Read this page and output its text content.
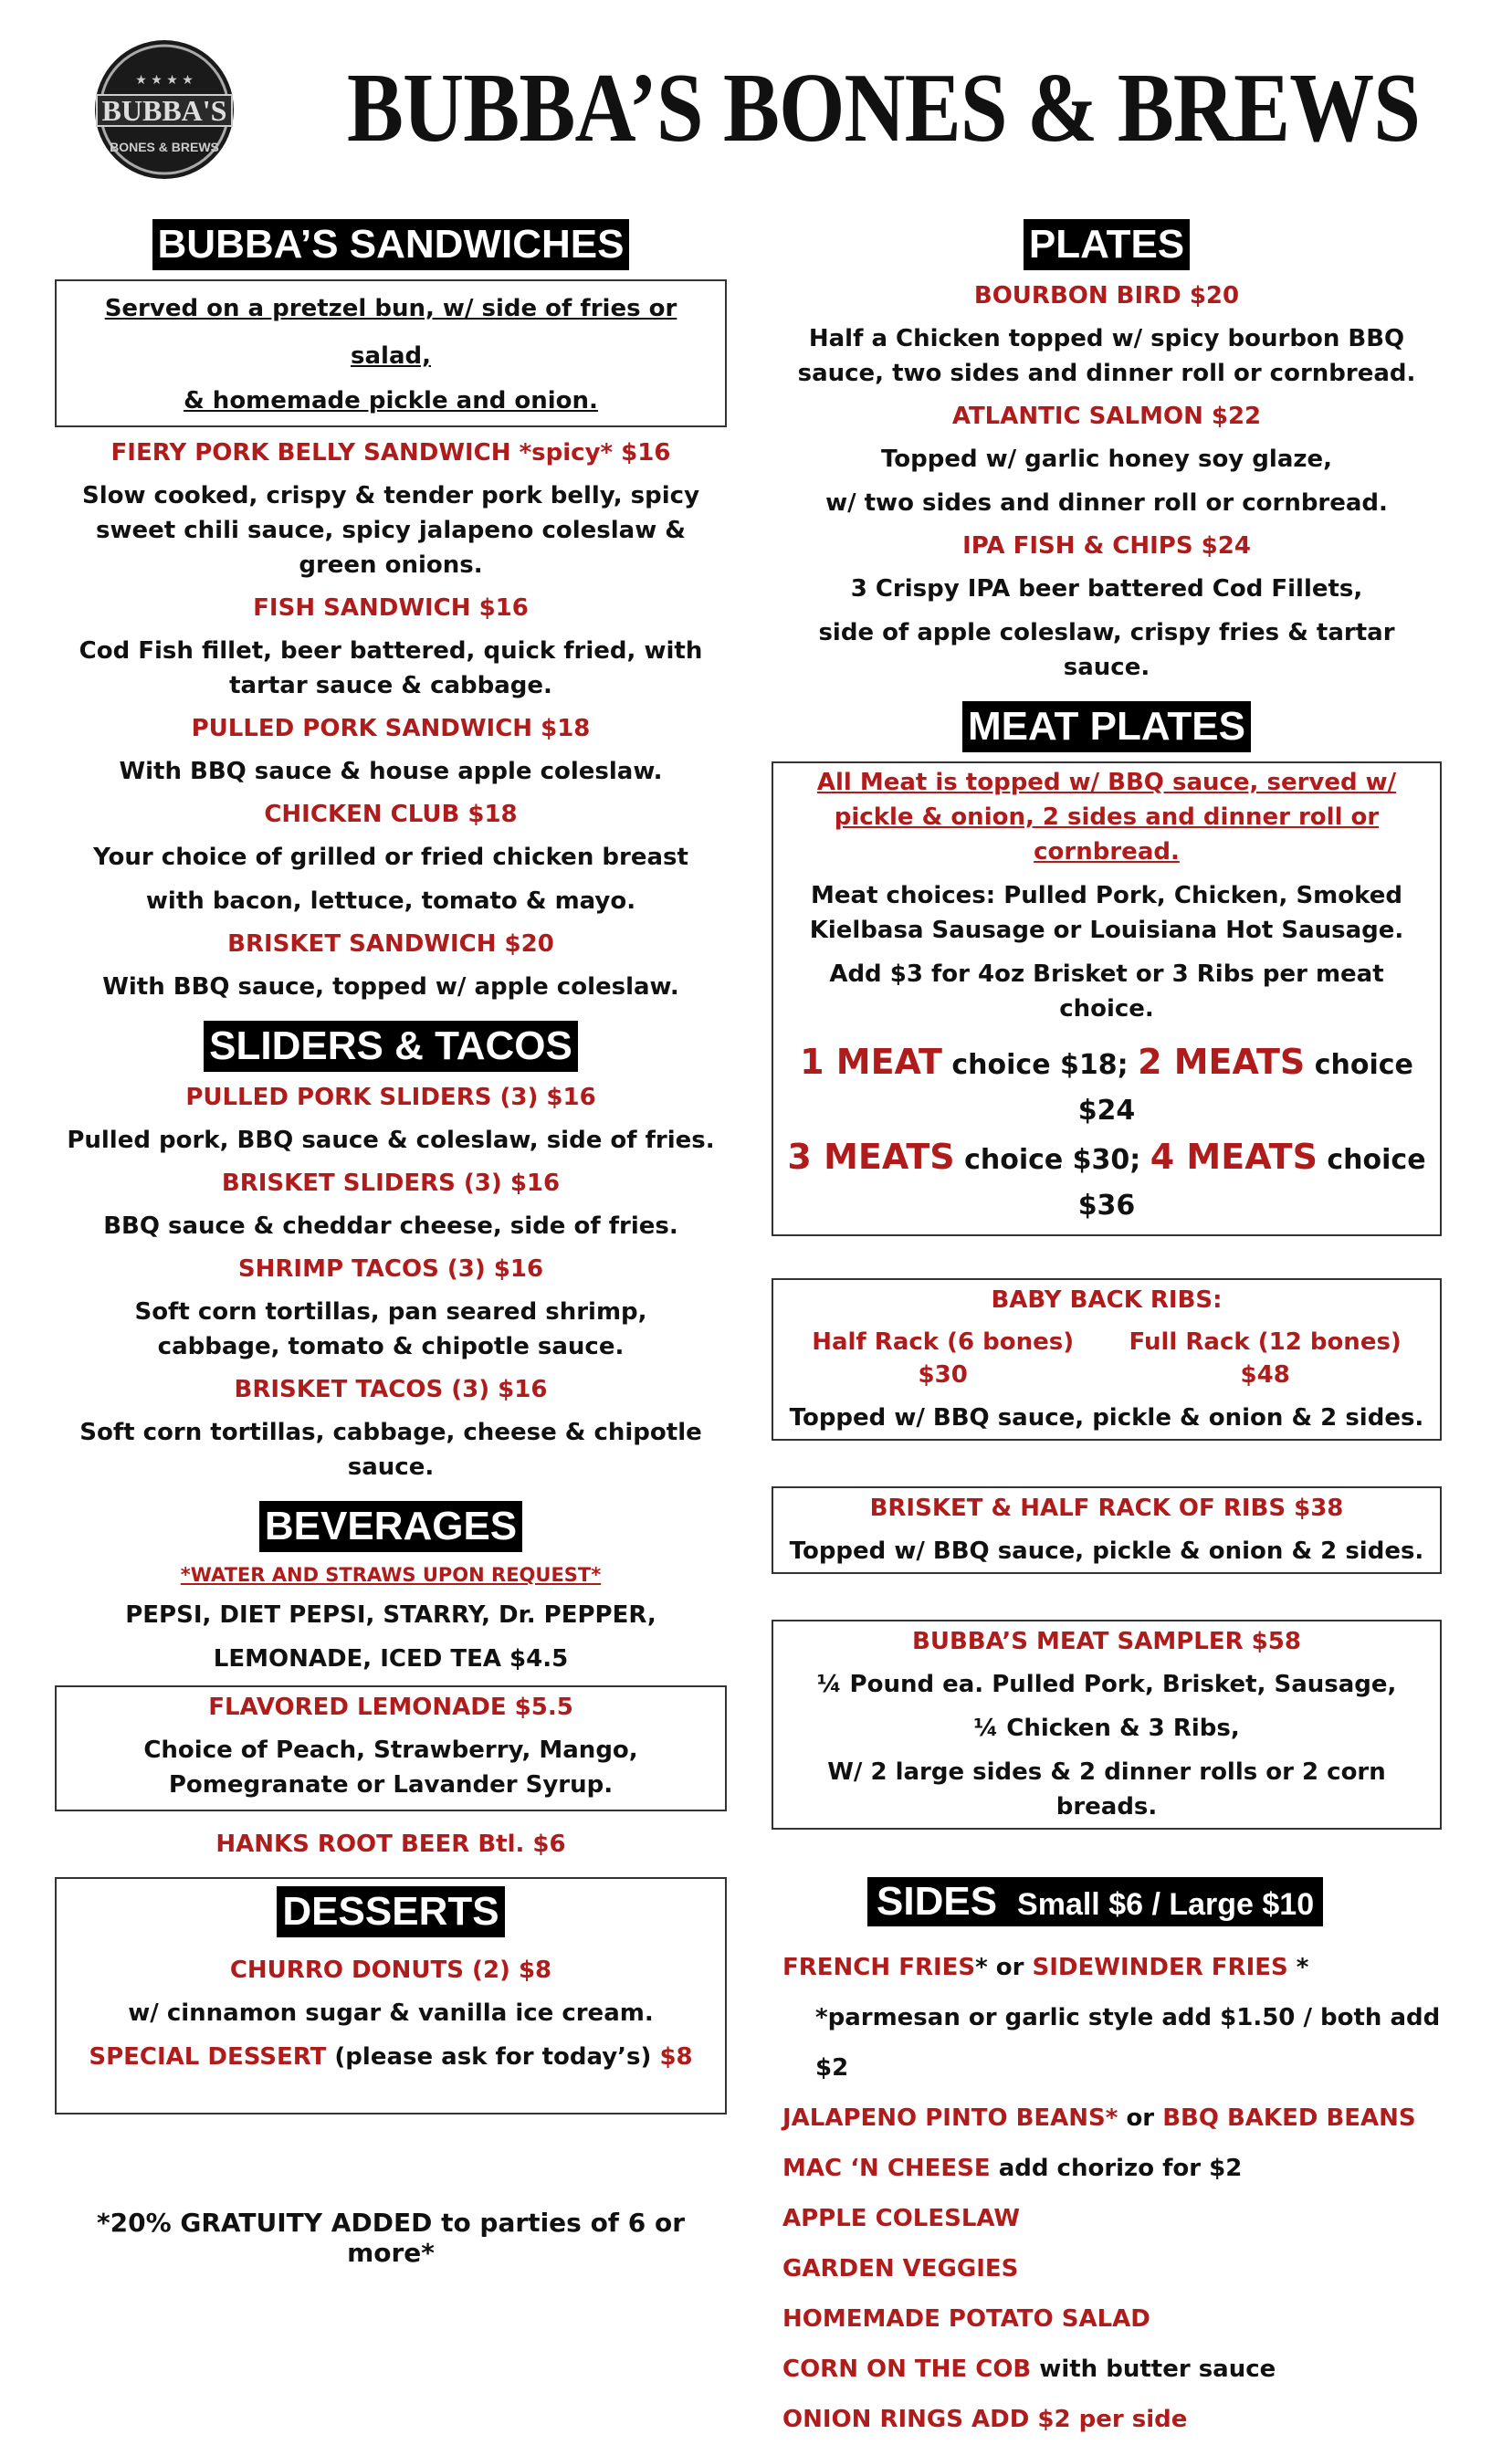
BUBBA'S
BONES & BREWS
★ ★ ★ ★ BUBBA’S BONES & BREWS
BUBBA’S SANDWICHES
Served on a pretzel bun, w/ side of fries or salad,
& homemade pickle and onion.
FIERY PORK BELLY SANDWICH *spicy* $16
Slow cooked, crispy & tender pork belly, spicy sweet chili sauce, spicy jalapeno coleslaw & green onions.
FISH SANDWICH $16
Cod Fish fillet, beer battered, quick fried, with tartar sauce & cabbage.
PULLED PORK SANDWICH $18
With BBQ sauce & house apple coleslaw.
CHICKEN CLUB $18
Your choice of grilled or fried chicken breast
with bacon, lettuce, tomato & mayo.
BRISKET SANDWICH $20
With BBQ sauce, topped w/ apple coleslaw.
SLIDERS & TACOS
PULLED PORK SLIDERS (3) $16
Pulled pork, BBQ sauce & coleslaw, side of fries.
BRISKET SLIDERS (3) $16
BBQ sauce & cheddar cheese, side of fries.
SHRIMP TACOS (3) $16
Soft corn tortillas, pan seared shrimp, cabbage, tomato & chipotle sauce.
BRISKET TACOS (3) $16
Soft corn tortillas, cabbage, cheese & chipotle sauce.
BEVERAGES
*WATER AND STRAWS UPON REQUEST*
PEPSI, DIET PEPSI, STARRY, Dr. PEPPER,
LEMONADE, ICED TEA $4.5
FLAVORED LEMONADE $5.5
Choice of Peach, Strawberry, Mango, Pomegranate or Lavander Syrup.
HANKS ROOT BEER Btl. $6
DESSERTS
CHURRO DONUTS (2) $8
w/ cinnamon sugar & vanilla ice cream.
SPECIAL DESSERT (please ask for today’s) $8
*20% GRATUITY ADDED to parties of 6 or more*
PLATES
BOURBON BIRD $20
Half a Chicken topped w/ spicy bourbon BBQ sauce, two sides and dinner roll or cornbread.
ATLANTIC SALMON $22
Topped w/ garlic honey soy glaze,
w/ two sides and dinner roll or cornbread.
IPA FISH & CHIPS $24
3 Crispy IPA beer battered Cod Fillets,
side of apple coleslaw, crispy fries & tartar sauce.
MEAT PLATES
All Meat is topped w/ BBQ sauce, served w/ pickle & onion, 2 sides and dinner roll or cornbread.
Meat choices: Pulled Pork, Chicken, Smoked Kielbasa Sausage or Louisiana Hot Sausage.
Add $3 for 4oz Brisket or 3 Ribs per meat choice.
1 MEAT choice $18; 2 MEATS choice $24
3 MEATS choice $30; 4 MEATS choice $36
BABY BACK RIBS:
Half Rack (6 bones) $30
Full Rack (12 bones) $48
Topped w/ BBQ sauce, pickle & onion & 2 sides.
BRISKET & HALF RACK OF RIBS $38
Topped w/ BBQ sauce, pickle & onion & 2 sides.
BUBBA’S MEAT SAMPLER $58
¼ Pound ea. Pulled Pork, Brisket, Sausage,
¼ Chicken & 3 Ribs,
W/ 2 large sides & 2 dinner rolls or 2 corn breads.
SIDES Small $6 / Large $10
FRENCH FRIES* or SIDEWINDER FRIES *
*parmesan or garlic style add $1.50 / both add $2
JALAPENO PINTO BEANS* or BBQ BAKED BEANS
MAC ‘N CHEESE add chorizo for $2
APPLE COLESLAW
GARDEN VEGGIES
HOMEMADE POTATO SALAD
CORN ON THE COB with butter sauce
ONION RINGS ADD $2 per side
